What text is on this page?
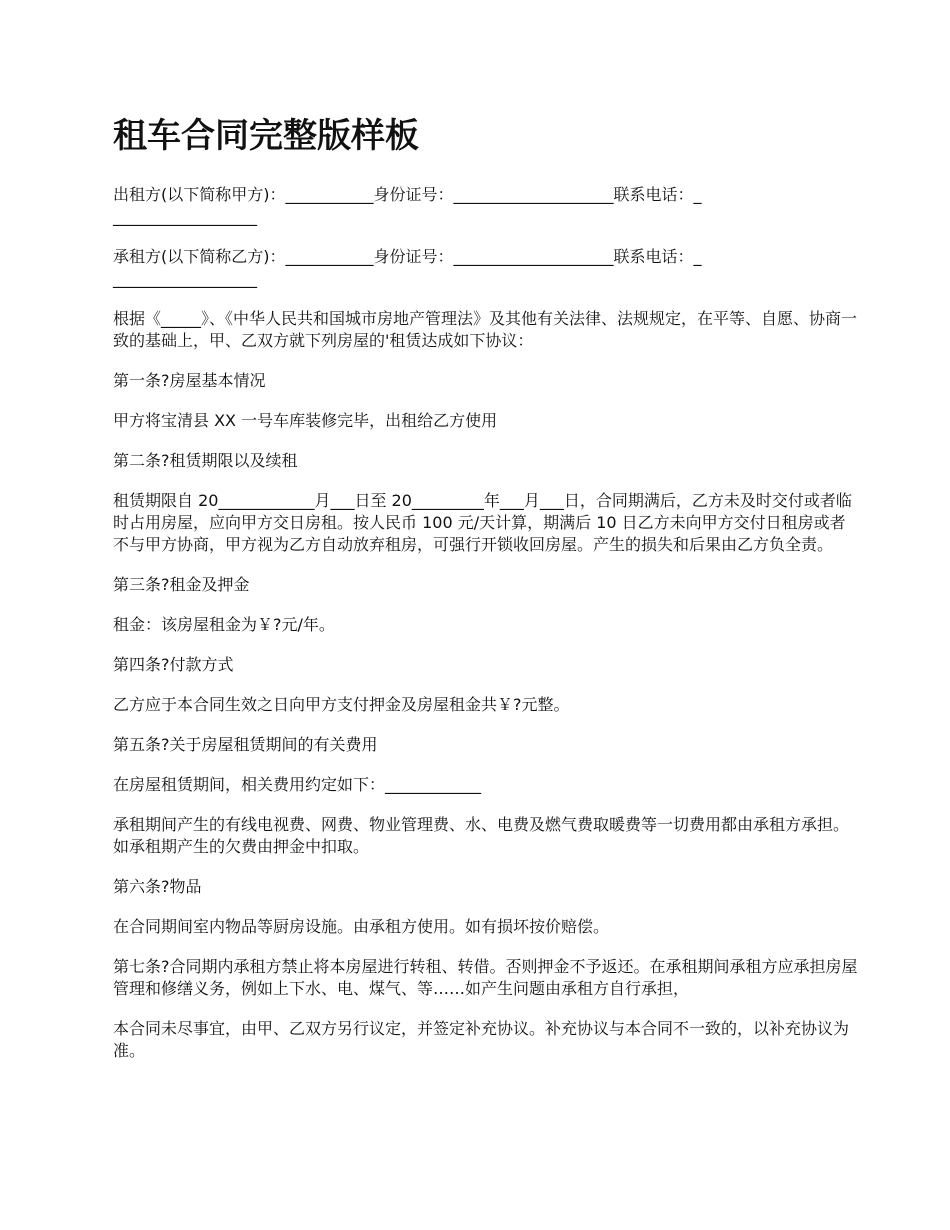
租车合同完整版样板

出租方(以下简称甲方)：___________身份证号：____________________联系电话：_
__________________

承租方(以下简称乙方)：___________身份证号：____________________联系电话：_
__________________

根据《_____》、《中华人民共和国城市房地产管理法》及其他有关法律、法规规定，在平等、自愿、协商一致的基础上，甲、乙双方就下列房屋的'租赁达成如下协议：

第一条?房屋基本情况

甲方将宝清县 XX 一号车库装修完毕，出租给乙方使用

第二条?租赁期限以及续租

租赁期限自 20____________月___日至 20_________年___月___日，合同期满后，乙方未及时交付或者临时占用房屋，应向甲方交日房租。按人民币 100 元/天计算，期满后 10 日乙方未向甲方交付日租房或者不与甲方协商，甲方视为乙方自动放弃租房，可强行开锁收回房屋。产生的损失和后果由乙方负全责。

第三条?租金及押金

租金：该房屋租金为￥?元/年。

第四条?付款方式

乙方应于本合同生效之日向甲方支付押金及房屋租金共￥?元整。

第五条?关于房屋租赁期间的有关费用

在房屋租赁期间，相关费用约定如下：____________

承租期间产生的有线电视费、网费、物业管理费、水、电费及燃气费取暖费等一切费用都由承租方承担。如承租期产生的欠费由押金中扣取。

第六条?物品

在合同期间室内物品等厨房设施。由承租方使用。如有损坏按价赔偿。

第七条?合同期内承租方禁止将本房屋进行转租、转借。否则押金不予返还。在承租期间承租方应承担房屋管理和修缮义务，例如上下水、电、煤气、等……如产生问题由承租方自行承担，

本合同未尽事宜，由甲、乙双方另行议定，并签定补充协议。补充协议与本合同不一致的，以补充协议为准。
